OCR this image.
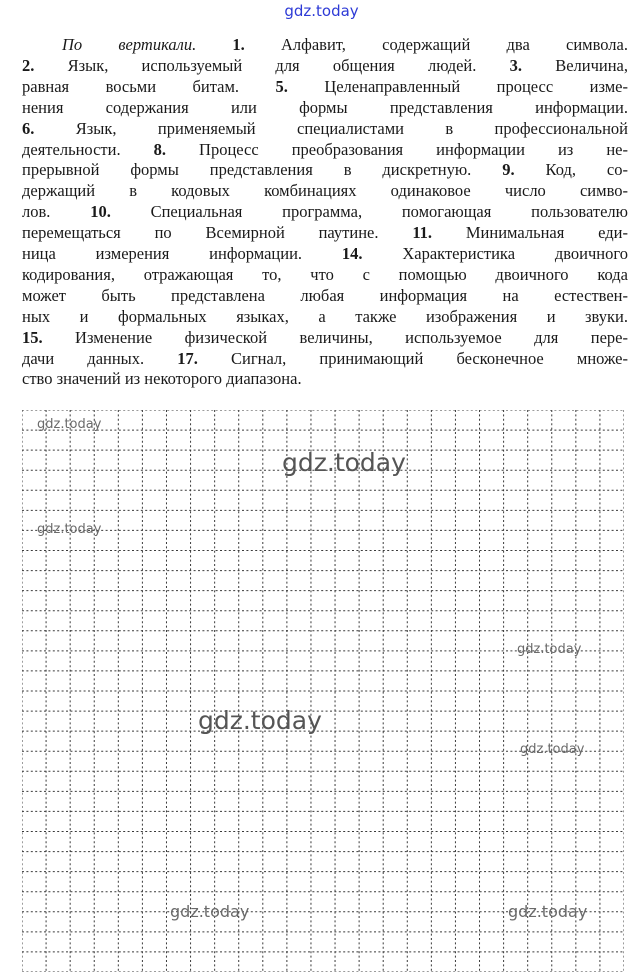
gdz.today
По вертикали. 1. Алфавит, содержащий два символа.
2. Язык, используемый для общения людей. 3. Величина,
равная восьми битам. 5. Целенаправленный процесс изме-
нения содержания или формы представления информации.
6. Язык, применяемый специалистами в профессиональной
деятельности. 8. Процесс преобразования информации из не-
прерывной формы представления в дискретную. 9. Код, со-
держащий в кодовых комбинациях одинаковое число симво-
лов. 10. Специальная программа, помогающая пользователю
перемещаться по Всемирной паутине. 11. Минимальная еди-
ница измерения информации. 14. Характеристика двоичного
кодирования, отражающая то, что с помощью двоичного кода
может быть представлена любая информация на естествен-
ных и формальных языках, а также изображения и звуки.
15. Изменение физической величины, используемое для пере-
дачи данных. 17. Сигнал, принимающий бесконечное множе-
ство значений из некоторого диапазона.
gdz.today
gdz.today
gdz.today
gdz.today
gdz.today
gdz.today
gdz.today	gdz.today
